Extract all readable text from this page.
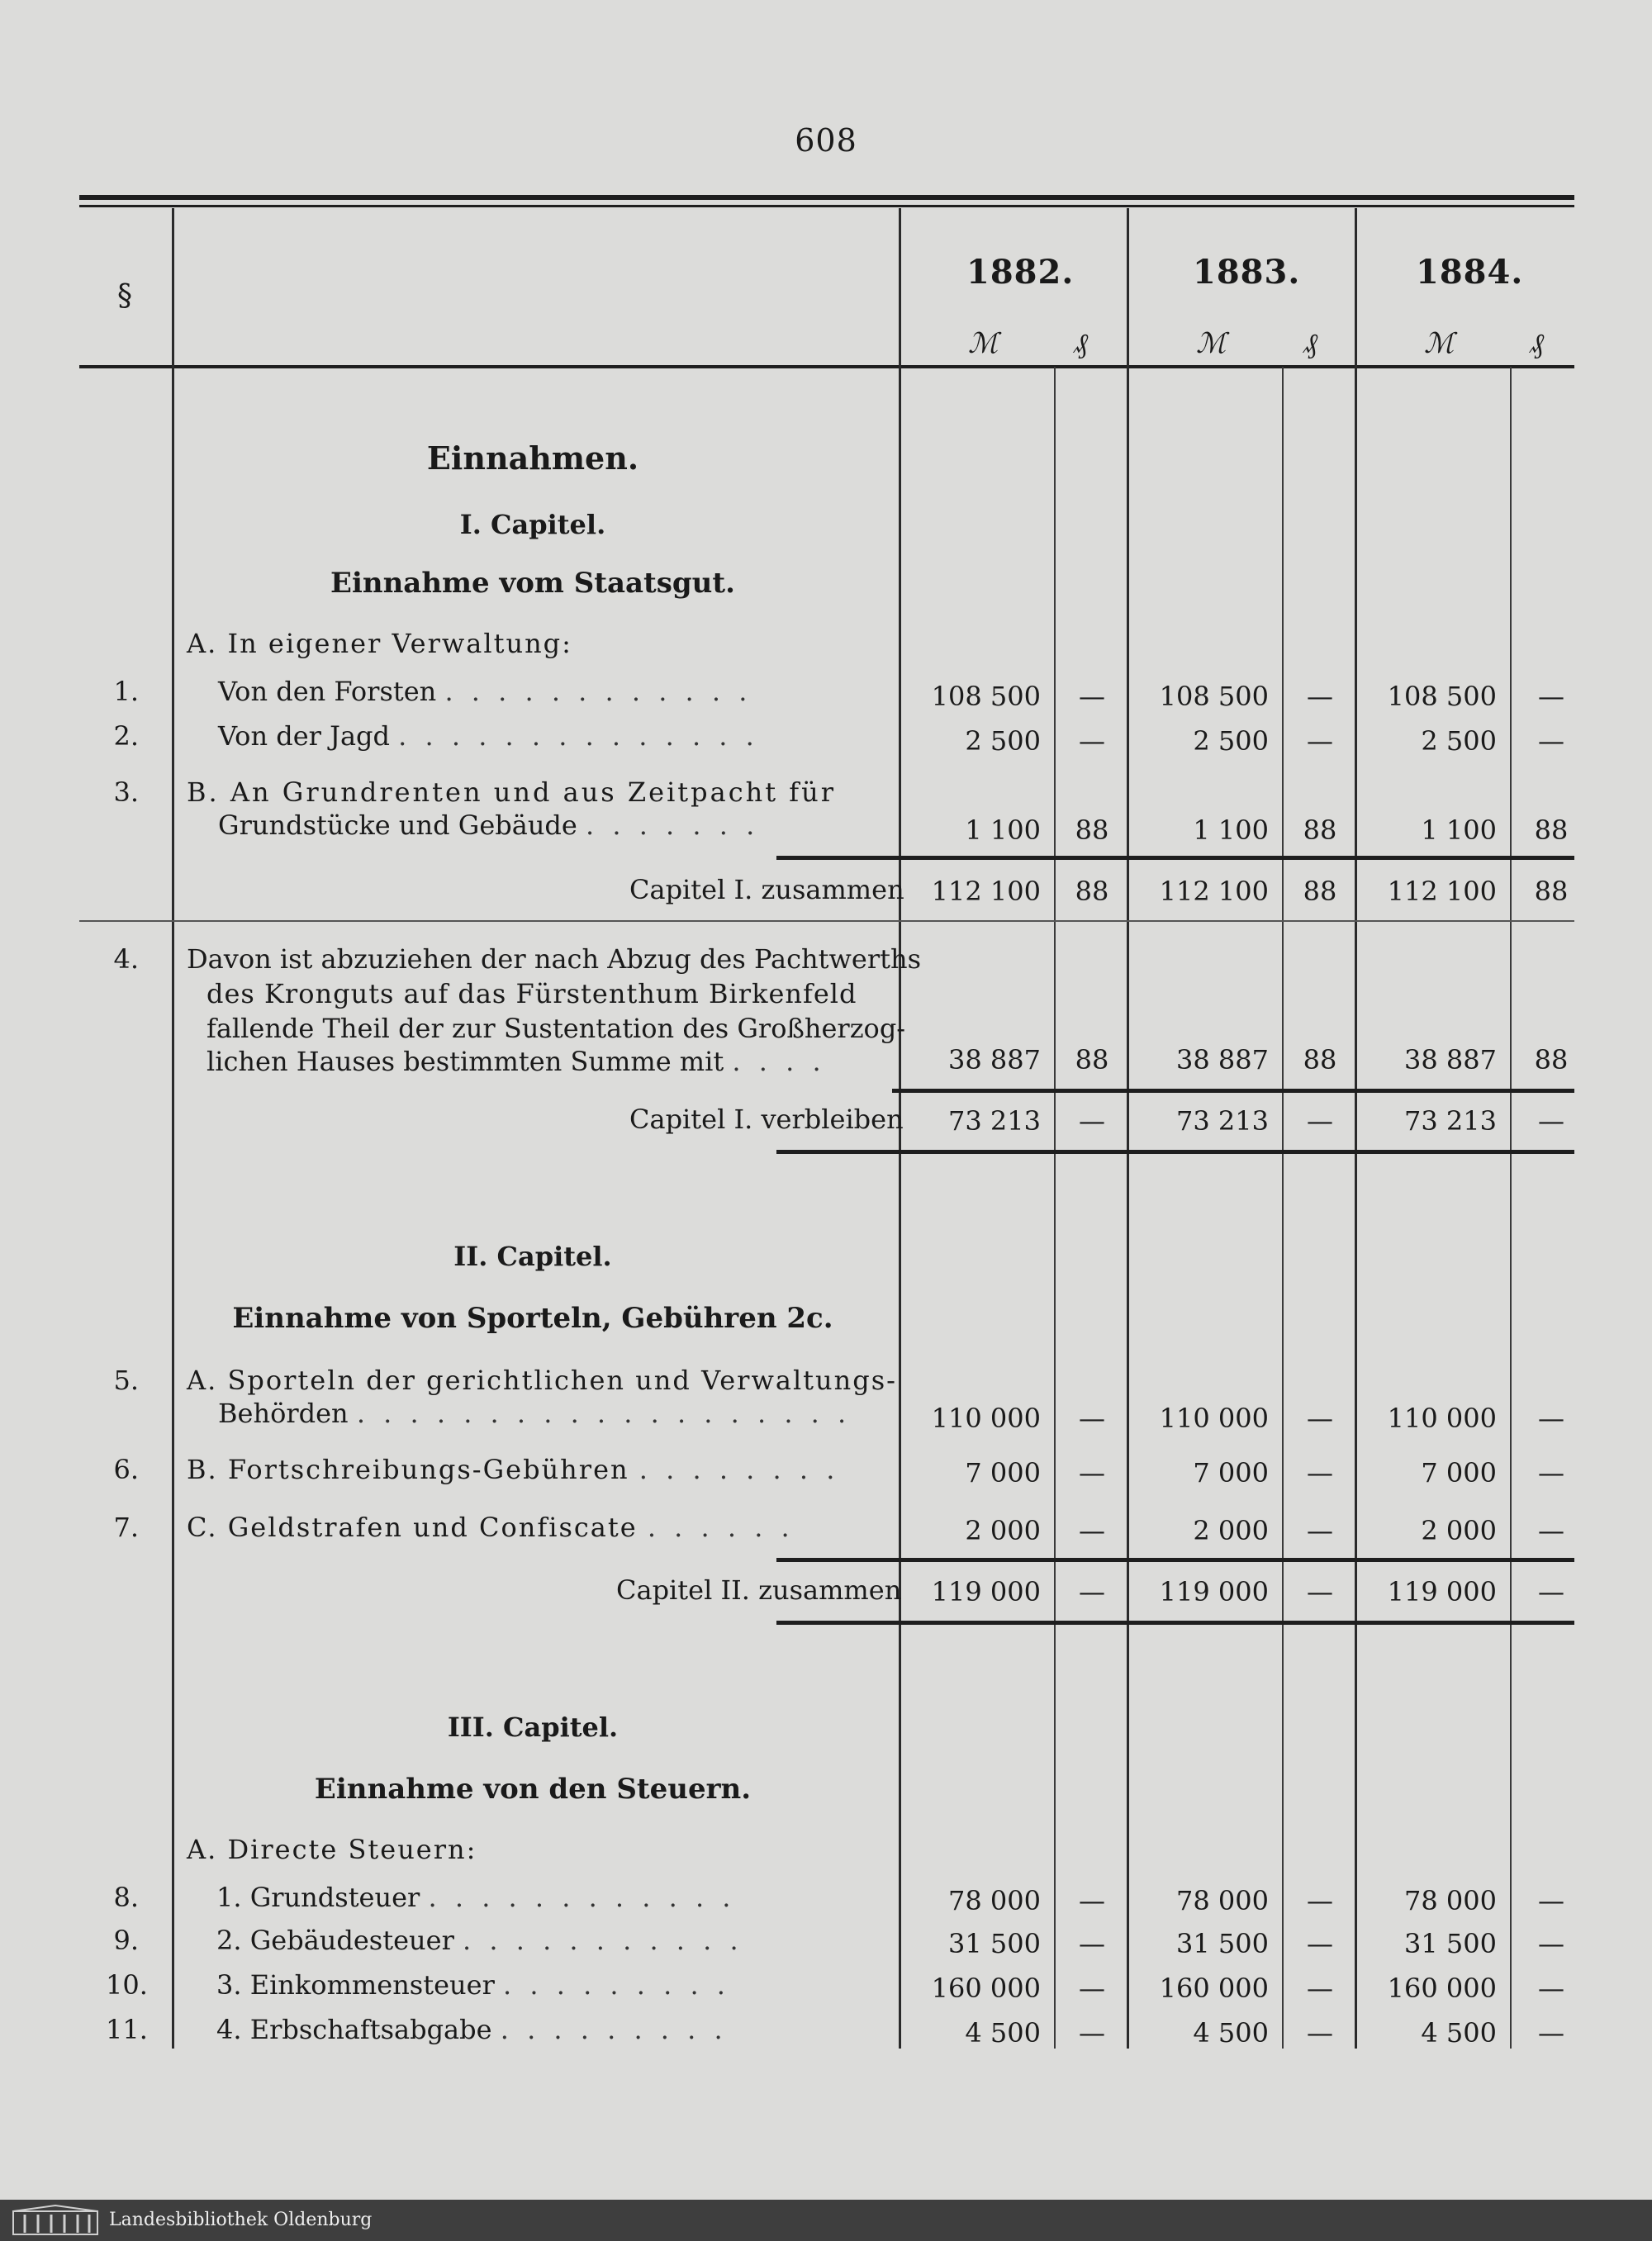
608
§
1882.	1883.	1884.
ℳ	₰	ℳ	₰	ℳ	₰
Einnahmen.
I. Capitel.
Einnahme vom Staatsgut.
A. In eigener Verwaltung:
1.	Von den Forsten . . . . . . . . . . . .	108 500	—	108 500	—	108 500	—
2.	Von der Jagd . . . . . . . . . . . . . .	2 500	—	2 500	—	2 500	—
3. B. An Grundrenten und aus Zeitpacht für
Grundstücke und Gebäude . . . . . . .	1 100	88	1 100	88	1 100	88
Capitel I. zusammen	112 100	88	112 100	88	112 100	88
4. Davon ist abzuziehen der nach Abzug des Pachtwerths
des Kronguts auf das Fürstenthum Birkenfeld
fallende Theil der zur Sustentation des Großherzog-
lichen Hauses bestimmten Summe mit . . . .	38 887	88	38 887	88	38 887	88
Capitel I. verbleiben	73 213	—	73 213	—	73 213	—
II. Capitel.
Einnahme von Sporteln, Gebühren 2c.
5. A. Sporteln der gerichtlichen und Verwaltungs-
Behörden . . . . . . . . . . . . . . . . . . .	110 000	—	110 000	—	110 000	—
6. B. Fortschreibungs-Gebühren . . . . . . . .	7 000	—	7 000	—	7 000	—
7. C. Geldstrafen und Confiscate . . . . . .	2 000	—	2 000	—	2 000	—
Capitel II. zusammen	119 000	—	119 000	—	119 000	—
III. Capitel.
Einnahme von den Steuern.
A. Directe Steuern:
8.	1. Grundsteuer . . . . . . . . . . . .	78 000	—	78 000	—	78 000	—
9.	2. Gebäudesteuer . . . . . . . . . . .	31 500	—	31 500	—	31 500	—
10.	3. Einkommensteuer . . . . . . . . .	160 000	—	160 000	—	160 000	—
11.	4. Erbschaftsabgabe . . . . . . . . .	4 500	—	4 500	—	4 500	—
Landesbibliothek Oldenburg
